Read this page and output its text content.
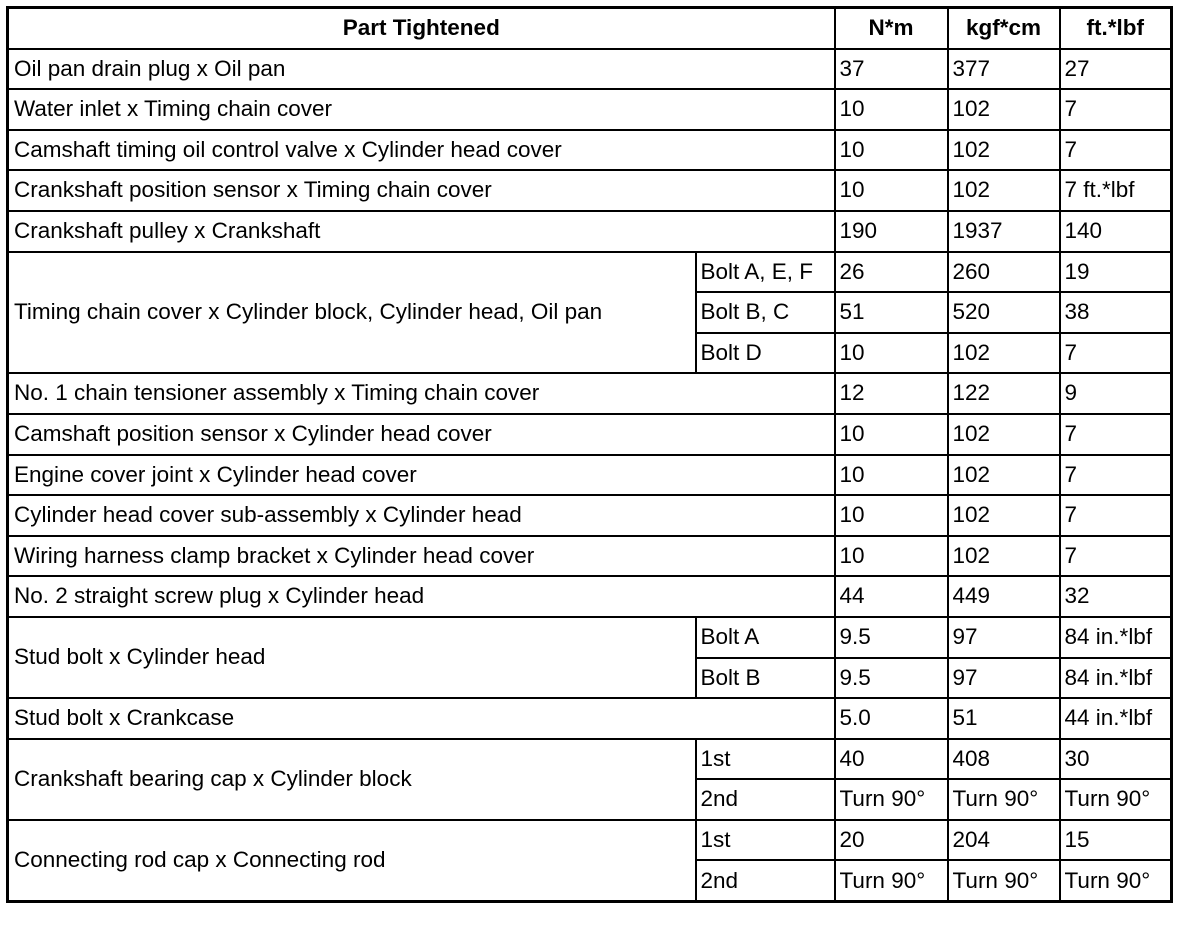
Part Tightened		N*m	kgf*cm	ft.*lbf
Oil pan drain plug x Oil pan		37	377	27
Water inlet x Timing chain cover		10	102	7
Camshaft timing oil control valve x Cylinder head cover		10	102	7
Crankshaft position sensor x Timing chain cover		10	102	7 ft.*lbf
Crankshaft pulley x Crankshaft		190	1937	140
Timing chain cover x Cylinder block, Cylinder head, Oil pan	Bolt A, E, F	26	260	19
	Bolt B, C	51	520	38
	Bolt D	10	102	7
No. 1 chain tensioner assembly x Timing chain cover		12	122	9
Camshaft position sensor x Cylinder head cover		10	102	7
Engine cover joint x Cylinder head cover		10	102	7
Cylinder head cover sub-assembly x Cylinder head		10	102	7
Wiring harness clamp bracket x Cylinder head cover		10	102	7
No. 2 straight screw plug x Cylinder head		44	449	32
Stud bolt x Cylinder head	Bolt A	9.5	97	84 in.*lbf
	Bolt B	9.5	97	84 in.*lbf
Stud bolt x Crankcase		5.0	51	44 in.*lbf
Crankshaft bearing cap x Cylinder block	1st	40	408	30
	2nd	Turn 90°	Turn 90°	Turn 90°
Connecting rod cap x Connecting rod	1st	20	204	15
	2nd	Turn 90°	Turn 90°	Turn 90°
